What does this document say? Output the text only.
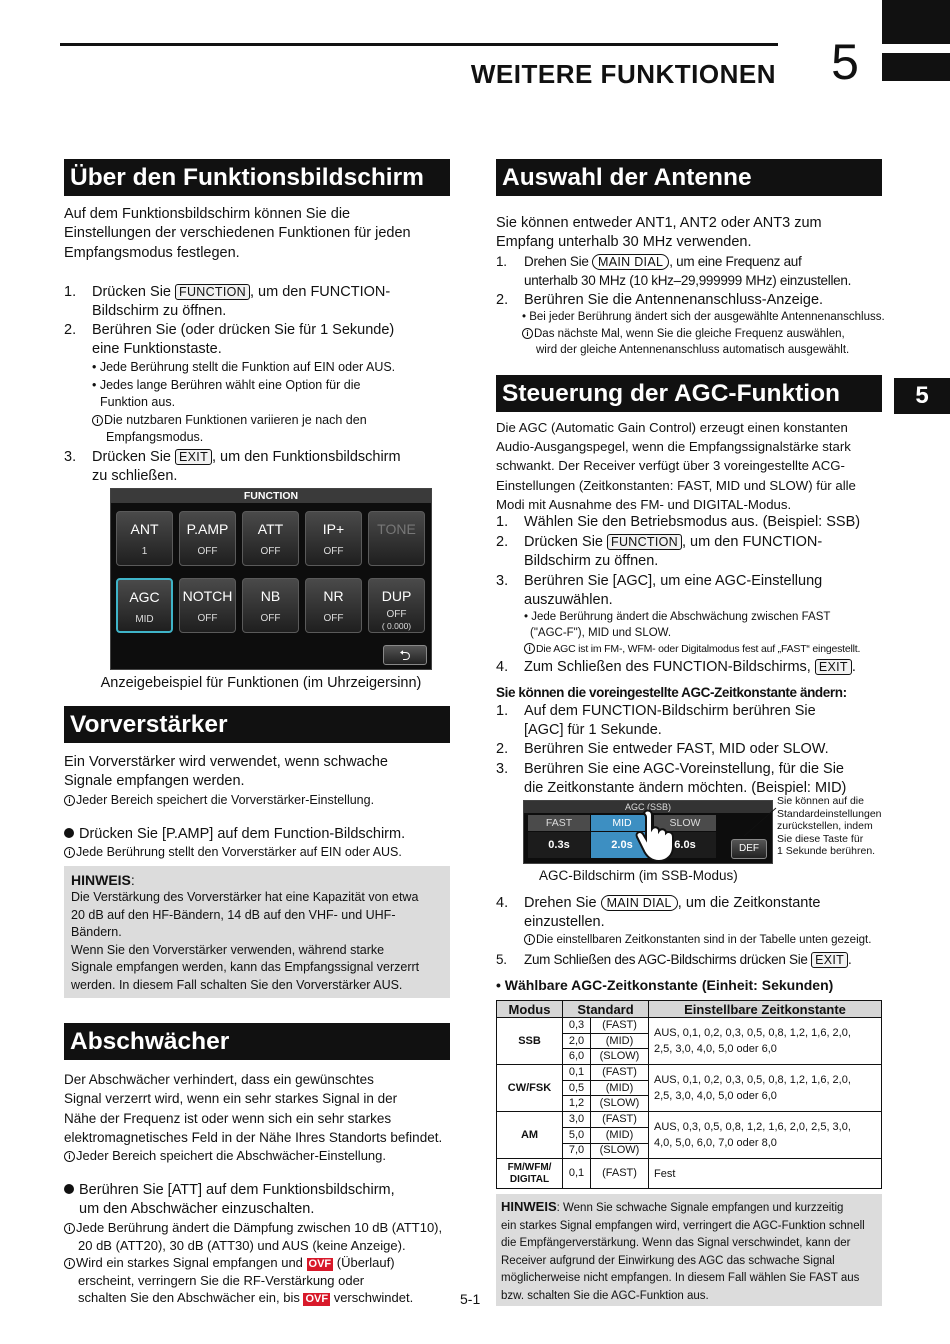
WEITERE FUNKTIONEN	5
5
Über den Funktionsbildschirm
Auf dem Funktionsbildschirm können Sie die
Einstellungen der verschiedenen Funktionen für jeden
Empfangsmodus festlegen.
1. Drücken Sie FUNCTION , um den FUNCTION-
Bildschirm zu öffnen.
2. Berühren Sie (oder drücken Sie für 1 Sekunde)
eine Funktionstaste.
• Jede Berührung stellt die Funktion auf EIN oder AUS.
• Jedes lange Berühren wählt eine Option für die
Funktion aus.
i Die nutzbaren Funktionen variieren je nach den
Empfangsmodus.
3. Drücken Sie EXIT , um den Funktionsbildschirm
zu schließen.
FUNCTION
ANT
1
P.AMP
OFF
ATT
OFF
IP+
OFF
TONE
AGC
MID
NOTCH
OFF
NB
OFF
NR
OFF
DUP
OFF
( 0.000)
⮌
Anzeigebeispiel für Funktionen (im Uhrzeigersinn)
Vorverstärker
Ein Vorverstärker wird verwendet, wenn schwache
Signale empfangen werden.
i Jeder Bereich speichert die Vorverstärker-Einstellung.
Drücken Sie [P.AMP] auf dem Function-Bildschirm.
i Jede Berührung stellt den Vorverstärker auf EIN oder AUS.
HINWEIS:
Die Verstärkung des Vorverstärker hat eine Kapazität von etwa
20 dB auf den HF-Bändern, 14 dB auf den VHF- und UHF-
Bändern.
Wenn Sie den Vorverstärker verwenden, während starke
Signale empfangen werden, kann das Empfangssignal verzerrt
werden. In diesem Fall schalten Sie den Vorverstärker AUS.
Abschwächer
Der Abschwächer verhindert, dass ein gewünschtes
Signal verzerrt wird, wenn ein sehr starkes Signal in der
Nähe der Frequenz ist oder wenn sich ein sehr starkes
elektromagnetisches Feld in der Nähe Ihres Standorts befindet.
i Jeder Bereich speichert die Abschwächer-Einstellung.
Berühren Sie [ATT] auf dem Funktionsbildschirm,
um den Abschwächer einzuschalten.
i Jede Berührung ändert die Dämpfung zwischen 10 dB (ATT10),
20 dB (ATT20), 30 dB (ATT30) und AUS (keine Anzeige).
i Wird ein starkes Signal empfangen und OVF (Überlauf)
erscheint, verringern Sie die RF-Verstärkung oder
schalten Sie den Abschwächer ein, bis OVF verschwindet.	5-1
Auswahl der Antenne
Sie können entweder ANT1, ANT2 oder ANT3 zum
Empfang unterhalb 30 MHz verwenden.
1. Drehen Sie MAIN DIAL , um eine Frequenz auf
unterhalb 30 MHz (10 kHz–29,999999 MHz) einzustellen.
2. Berühren Sie die Antennenanschluss-Anzeige.
• Bei jeder Berührung ändert sich der ausgewählte Antennenanschluss.
i Das nächste Mal, wenn Sie die gleiche Frequenz auswählen,
wird der gleiche Antennenanschluss automatisch ausgewählt.
Steuerung der AGC-Funktion
Die AGC (Automatic Gain Control) erzeugt einen konstanten
Audio-Ausgangspegel, wenn die Empfangssignalstärke stark
schwankt. Der Receiver verfügt über 3 voreingestellte ACG-
Einstellungen (Zeitkonstanten: FAST, MID und SLOW) für alle
Modi mit Ausnahme des FM- und DIGITAL-Modus.
1. Wählen Sie den Betriebsmodus aus. (Beispiel: SSB)
2. Drücken Sie FUNCTION , um den FUNCTION-
Bildschirm zu öffnen.
3. Berühren Sie [AGC], um eine AGC-Einstellung
auszuwählen.
• Jede Berührung ändert die Abschwächung zwischen FAST
("AGC-F"), MID und SLOW.
i Die AGC ist im FM-, WFM- oder Digitalmodus fest auf „FAST“ eingestellt.
4. Zum Schließen des FUNCTION-Bildschirms, EXIT .
Sie können die voreingestellte AGC-Zeitkonstante ändern:
1. Auf dem FUNCTION-Bildschirm berühren Sie
[AGC] für 1 Sekunde.
2. Berühren Sie entweder FAST, MID oder SLOW.
3. Berühren Sie eine AGC-Voreinstellung, für die Sie
die Zeitkonstante ändern möchten. (Beispiel: MID)
AGC (SSB)
FAST	MID	SLOW
0.3s	2.0s	6.0s	DEF
Sie können auf die
Standardeinstellungen
zurückstellen, indem
Sie diese Taste für
1 Sekunde berühren.
AGC-Bildschirm (im SSB-Modus)
4. Drehen Sie MAIN DIAL , um die Zeitkonstante
einzustellen.
i Die einstellbaren Zeitkonstanten sind in der Tabelle unten gezeigt.
5. Zum Schließen des AGC-Bildschirms drücken Sie EXIT .
• Wählbare AGC-Zeitkonstante (Einheit: Sekunden)
Modus	Standard		Einstellbare Zeitkonstante
SSB	0,3	(FAST)	AUS, 0,1, 0,2, 0,3, 0,5, 0,8, 1,2, 1,6, 2,0,
2,5, 3,0, 4,0, 5,0 oder 6,0

	2,0	(MID)	
	6,0	(SLOW)	
CW/FSK	0,1	(FAST)	AUS, 0,1, 0,2, 0,3, 0,5, 0,8, 1,2, 1,6, 2,0,
2,5, 3,0, 4,0, 5,0 oder 6,0

	0,5	(MID)	
	1,2	(SLOW)	
AM	3,0	(FAST)	AUS, 0,3, 0,5, 0,8, 1,2, 1,6, 2,0, 2,5, 3,0,
4,0, 5,0, 6,0, 7,0 oder 8,0

	5,0	(MID)	
	7,0	(SLOW)	

FM/WFM/
DIGITAL	0,1	(FAST)	Fest
HINWEIS: Wenn Sie schwache Signale empfangen und kurzzeitig
ein starkes Signal empfangen wird, verringert die AGC-Funktion schnell
die Empfängerverstärkung. Wenn das Signal verschwindet, kann der
Receiver aufgrund der Einwirkung des AGC das schwache Signal
möglicherweise nicht empfangen. In diesem Fall wählen Sie FAST aus
bzw. schalten Sie die AGC-Funktion aus.
